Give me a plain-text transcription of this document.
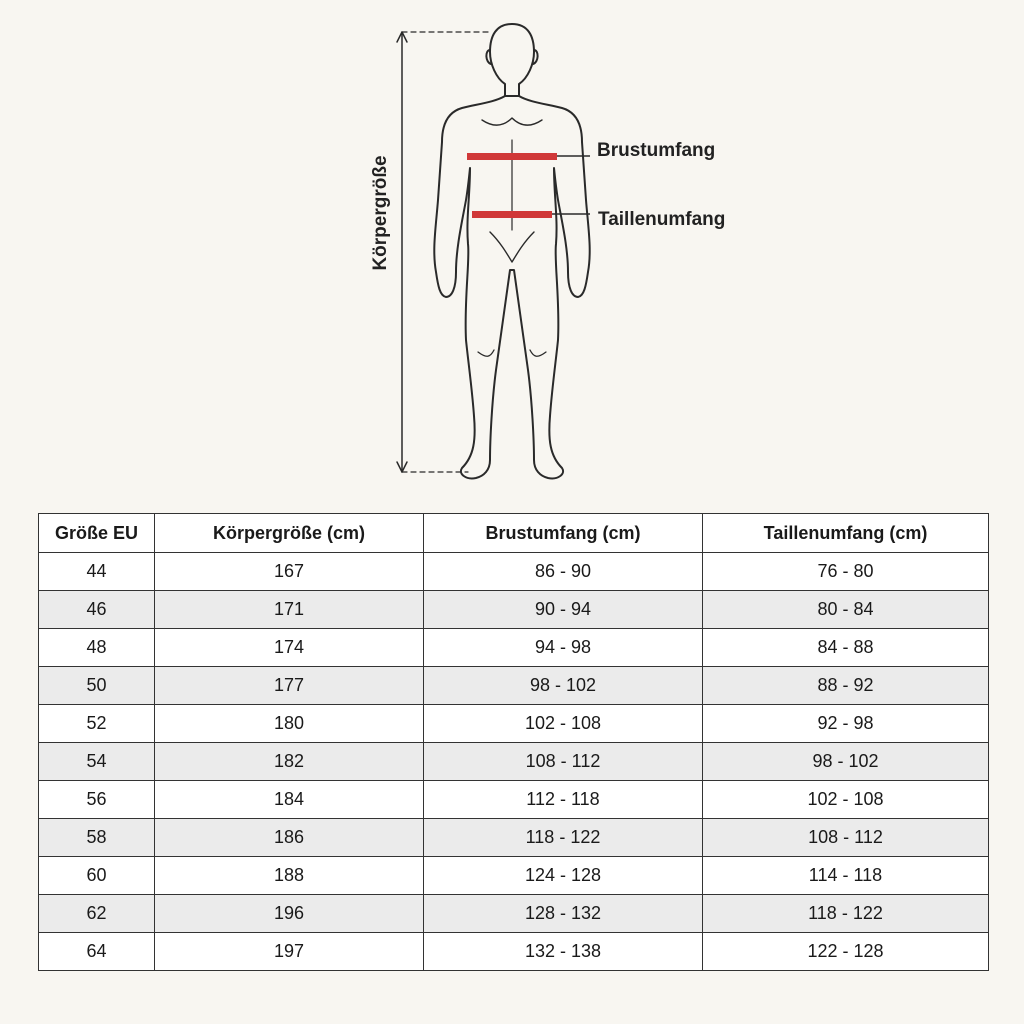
Körpergröße
Brustumfang
Taillenumfang
Größe EU	Körpergröße (cm)	Brustumfang (cm)	Taillenumfang (cm)
44	167	86 - 90	76 - 80
46	171	90 - 94	80 - 84
48	174	94 - 98	84 - 88
50	177	98 - 102	88 - 92
52	180	102 - 108	92 - 98
54	182	108 - 112	98 - 102
56	184	112 - 118	102 - 108
58	186	118 - 122	108 - 112
60	188	124 - 128	114 - 118
62	196	128 - 132	118 - 122
64	197	132 - 138	122 - 128
